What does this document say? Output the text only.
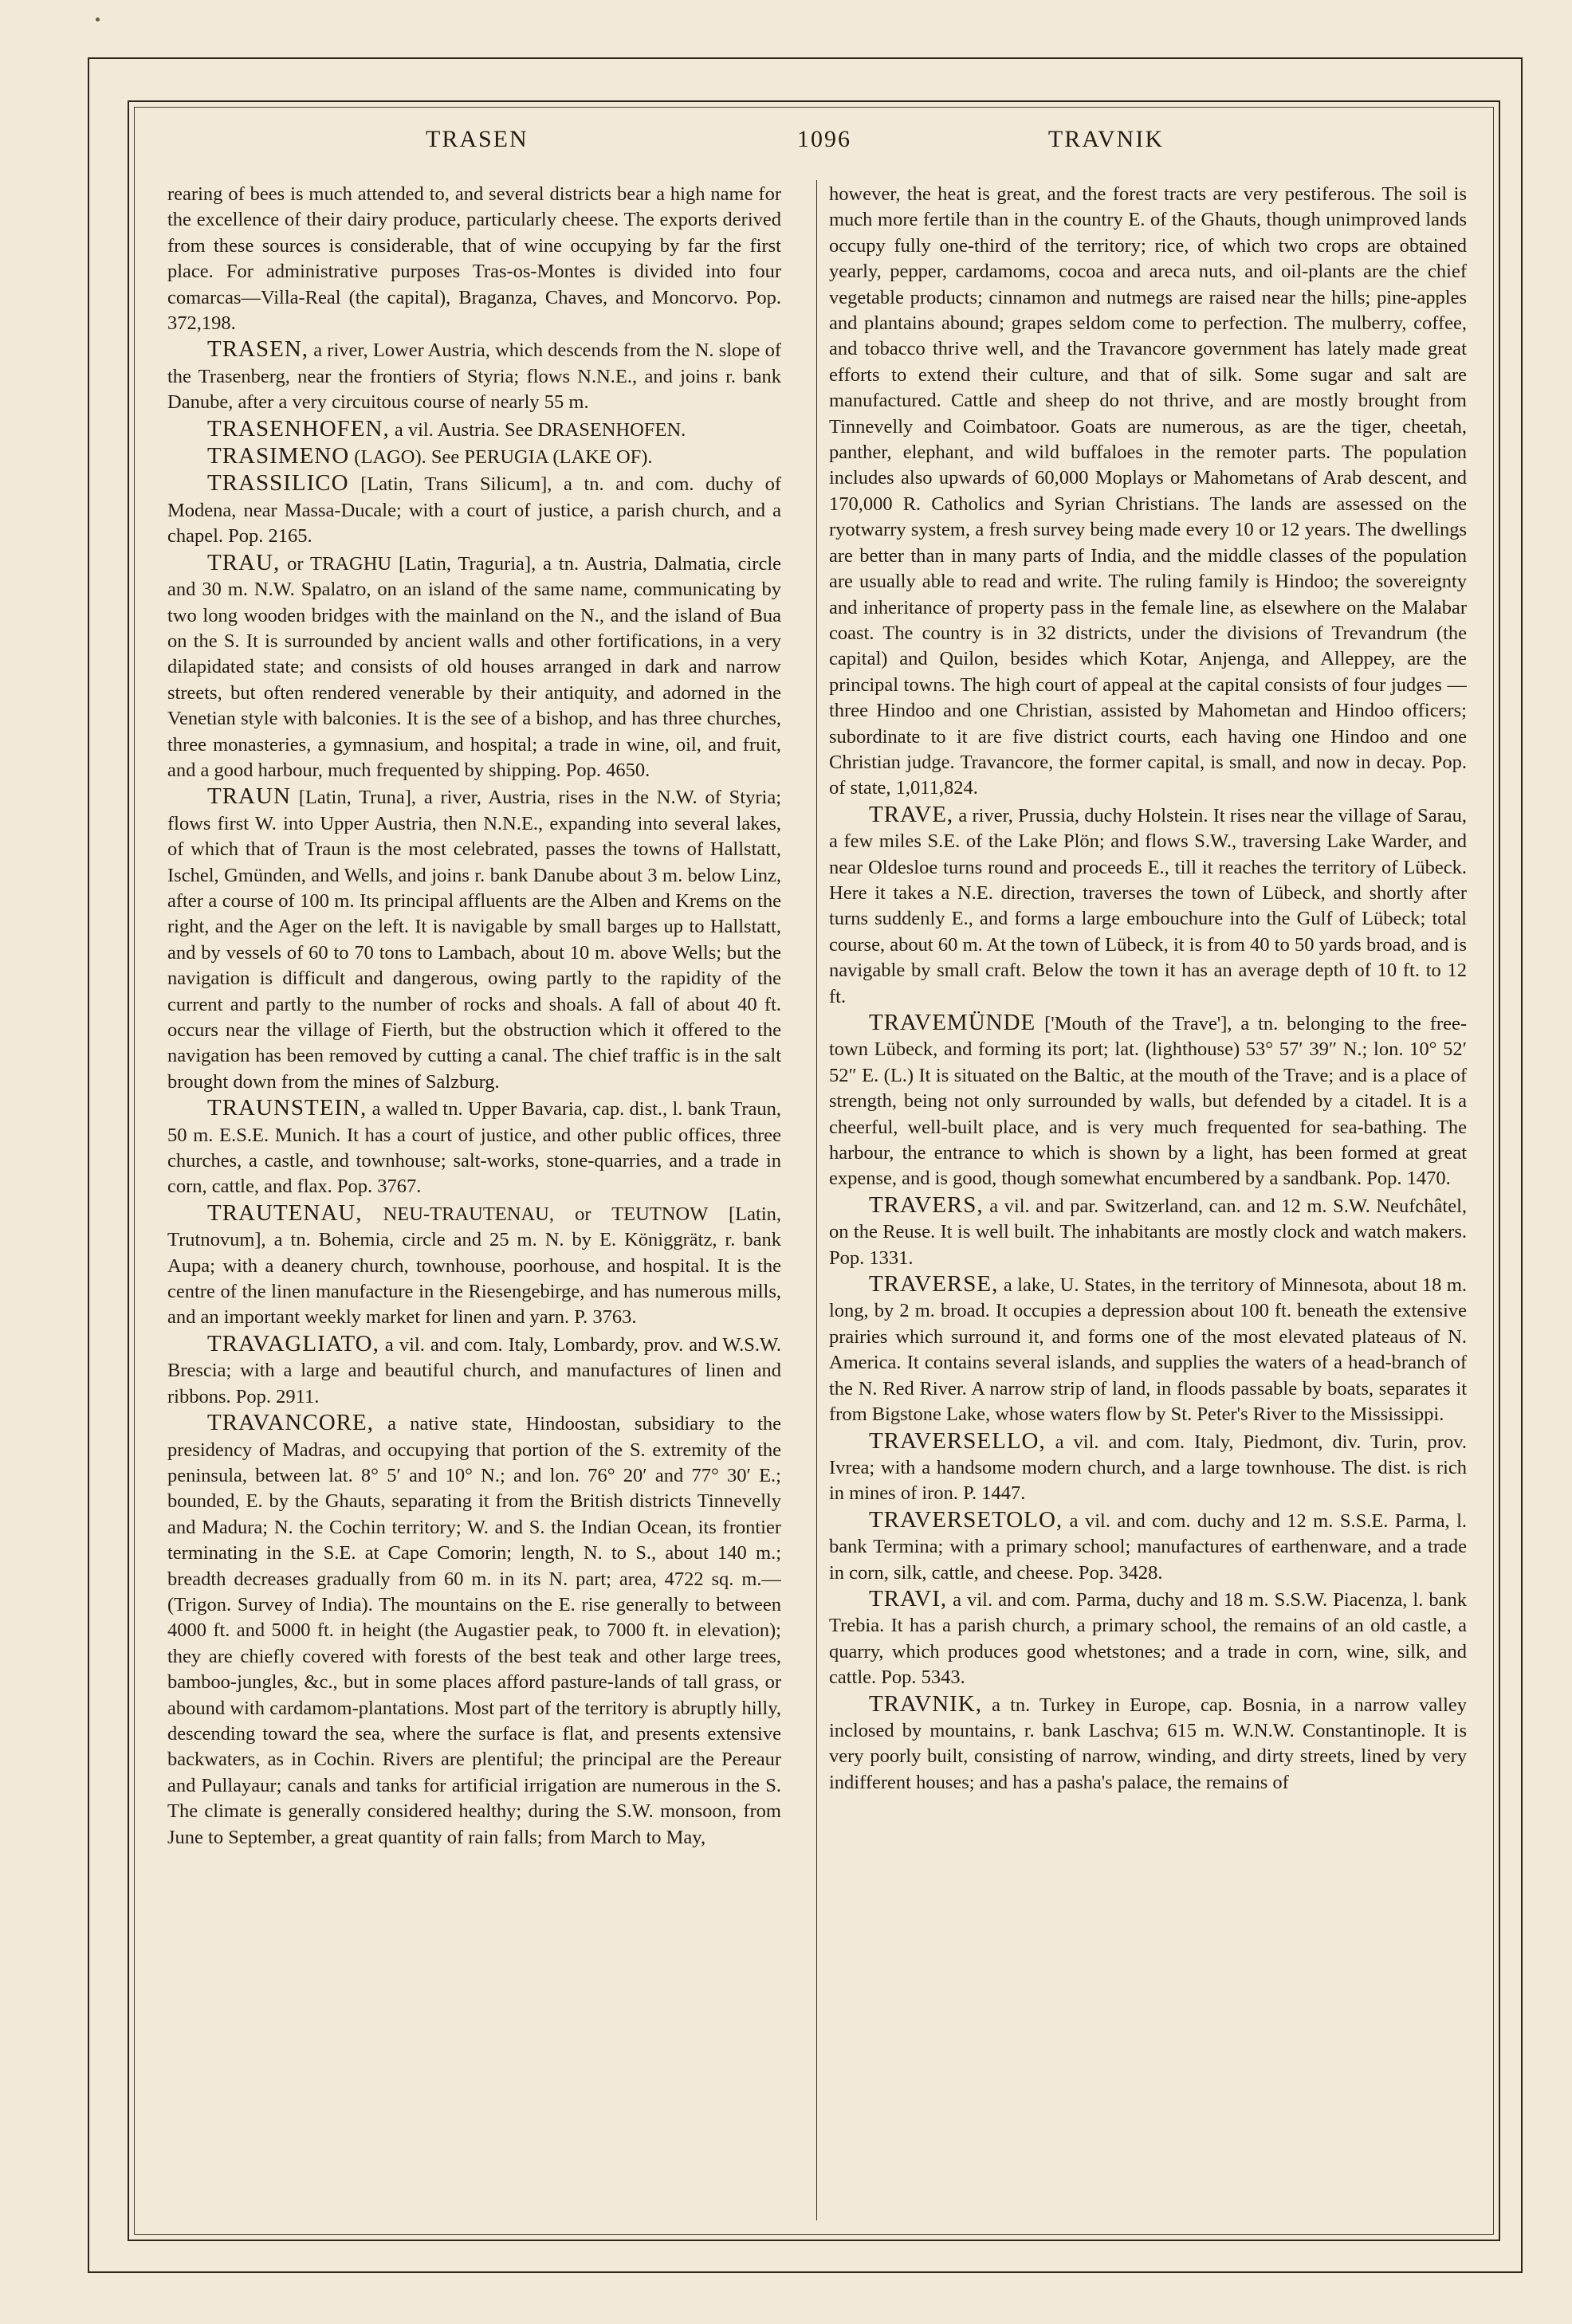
TRASEN	1096	TRAVNIK

rearing of bees is much attended to, and several districts bear a high name for the excellence of their dairy produce, particularly cheese. The exports derived from these sources is considerable, that of wine occupying by far the first place. For administrative purposes Tras-os-Montes is divided into four comarcas—Villa-Real (the capital), Braganza, Chaves, and Moncorvo. Pop. 372,198.

TRASEN, a river, Lower Austria, which descends from the N. slope of the Trasenberg, near the frontiers of Styria; flows N.N.E., and joins r. bank Danube, after a very circuitous course of nearly 55 m.

TRASENHOFEN, a vil. Austria. See DRASENHOFEN.

TRASIMENO (LAGO). See PERUGIA (LAKE OF).

TRASSILICO [Latin, Trans Silicum], a tn. and com. duchy of Modena, near Massa-Ducale; with a court of justice, a parish church, and a chapel. Pop. 2165.

TRAU, or TRAGHU [Latin, Traguria], a tn. Austria, Dalmatia, circle and 30 m. N.W. Spalatro, on an island of the same name, communicating by two long wooden bridges with the mainland on the N., and the island of Bua on the S. It is surrounded by ancient walls and other fortifications, in a very dilapidated state; and consists of old houses arranged in dark and narrow streets, but often rendered venerable by their antiquity, and adorned in the Venetian style with balconies. It is the see of a bishop, and has three churches, three monasteries, a gymnasium, and hospital; a trade in wine, oil, and fruit, and a good harbour, much frequented by shipping. Pop. 4650.

TRAUN [Latin, Truna], a river, Austria, rises in the N.W. of Styria; flows first W. into Upper Austria, then N.N.E., expanding into several lakes, of which that of Traun is the most celebrated, passes the towns of Hallstatt, Ischel, Gmünden, and Wells, and joins r. bank Danube about 3 m. below Linz, after a course of 100 m. Its principal affluents are the Alben and Krems on the right, and the Ager on the left. It is navigable by small barges up to Hallstatt, and by vessels of 60 to 70 tons to Lambach, about 10 m. above Wells; but the navigation is difficult and dangerous, owing partly to the rapidity of the current and partly to the number of rocks and shoals. A fall of about 40 ft. occurs near the village of Fierth, but the obstruction which it offered to the navigation has been removed by cutting a canal. The chief traffic is in the salt brought down from the mines of Salzburg.

TRAUNSTEIN, a walled tn. Upper Bavaria, cap. dist., l. bank Traun, 50 m. E.S.E. Munich. It has a court of justice, and other public offices, three churches, a castle, and townhouse; salt-works, stone-quarries, and a trade in corn, cattle, and flax. Pop. 3767.

TRAUTENAU, NEU-TRAUTENAU, or TEUTNOW [Latin, Trutnovum], a tn. Bohemia, circle and 25 m. N. by E. Königgrätz, r. bank Aupa; with a deanery church, townhouse, poorhouse, and hospital. It is the centre of the linen manufacture in the Riesengebirge, and has numerous mills, and an important weekly market for linen and yarn. P. 3763.

TRAVAGLIATO, a vil. and com. Italy, Lombardy, prov. and W.S.W. Brescia; with a large and beautiful church, and manufactures of linen and ribbons. Pop. 2911.

TRAVANCORE, a native state, Hindoostan, subsidiary to the presidency of Madras, and occupying that portion of the S. extremity of the peninsula, between lat. 8° 5′ and 10° N.; and lon. 76° 20′ and 77° 30′ E.; bounded, E. by the Ghauts, separating it from the British districts Tinnevelly and Madura; N. the Cochin territory; W. and S. the Indian Ocean, its frontier terminating in the S.E. at Cape Comorin; length, N. to S., about 140 m.; breadth decreases gradually from 60 m. in its N. part; area, 4722 sq. m.—(Trigon. Survey of India). The mountains on the E. rise generally to between 4000 ft. and 5000 ft. in height (the Augastier peak, to 7000 ft. in elevation); they are chiefly covered with forests of the best teak and other large trees, bamboo-jungles, &c., but in some places afford pasture-lands of tall grass, or abound with cardamom-plantations. Most part of the territory is abruptly hilly, descending toward the sea, where the surface is flat, and presents extensive backwaters, as in Cochin. Rivers are plentiful; the principal are the Pereaur and Pullayaur; canals and tanks for artificial irrigation are numerous in the S. The climate is generally considered healthy; during the S.W. monsoon, from June to September, a great quantity of rain falls; from March to May,

however, the heat is great, and the forest tracts are very pestiferous. The soil is much more fertile than in the country E. of the Ghauts, though unimproved lands occupy fully one-third of the territory; rice, of which two crops are obtained yearly, pepper, cardamoms, cocoa and areca nuts, and oil-plants are the chief vegetable products; cinnamon and nutmegs are raised near the hills; pine-apples and plantains abound; grapes seldom come to perfection. The mulberry, coffee, and tobacco thrive well, and the Travancore government has lately made great efforts to extend their culture, and that of silk. Some sugar and salt are manufactured. Cattle and sheep do not thrive, and are mostly brought from Tinnevelly and Coimbatoor. Goats are numerous, as are the tiger, cheetah, panther, elephant, and wild buffaloes in the remoter parts. The population includes also upwards of 60,000 Moplays or Mahometans of Arab descent, and 170,000 R. Catholics and Syrian Christians. The lands are assessed on the ryotwarry system, a fresh survey being made every 10 or 12 years. The dwellings are better than in many parts of India, and the middle classes of the population are usually able to read and write. The ruling family is Hindoo; the sovereignty and inheritance of property pass in the female line, as elsewhere on the Malabar coast. The country is in 32 districts, under the divisions of Trevandrum (the capital) and Quilon, besides which Kotar, Anjenga, and Alleppey, are the principal towns. The high court of appeal at the capital consists of four judges —three Hindoo and one Christian, assisted by Mahometan and Hindoo officers; subordinate to it are five district courts, each having one Hindoo and one Christian judge. Travancore, the former capital, is small, and now in decay. Pop. of state, 1,011,824.

TRAVE, a river, Prussia, duchy Holstein. It rises near the village of Sarau, a few miles S.E. of the Lake Plön; and flows S.W., traversing Lake Warder, and near Oldesloe turns round and proceeds E., till it reaches the territory of Lübeck. Here it takes a N.E. direction, traverses the town of Lübeck, and shortly after turns suddenly E., and forms a large embouchure into the Gulf of Lübeck; total course, about 60 m. At the town of Lübeck, it is from 40 to 50 yards broad, and is navigable by small craft. Below the town it has an average depth of 10 ft. to 12 ft.

TRAVEMÜNDE ['Mouth of the Trave'], a tn. belonging to the free-town Lübeck, and forming its port; lat. (lighthouse) 53° 57′ 39″ N.; lon. 10° 52′ 52″ E. (L.) It is situated on the Baltic, at the mouth of the Trave; and is a place of strength, being not only surrounded by walls, but defended by a citadel. It is a cheerful, well-built place, and is very much frequented for sea-bathing. The harbour, the entrance to which is shown by a light, has been formed at great expense, and is good, though somewhat encumbered by a sandbank. Pop. 1470.

TRAVERS, a vil. and par. Switzerland, can. and 12 m. S.W. Neufchâtel, on the Reuse. It is well built. The inhabitants are mostly clock and watch makers. Pop. 1331.

TRAVERSE, a lake, U. States, in the territory of Minnesota, about 18 m. long, by 2 m. broad. It occupies a depression about 100 ft. beneath the extensive prairies which surround it, and forms one of the most elevated plateaus of N. America. It contains several islands, and supplies the waters of a head-branch of the N. Red River. A narrow strip of land, in floods passable by boats, separates it from Bigstone Lake, whose waters flow by St. Peter's River to the Mississippi.

TRAVERSELLO, a vil. and com. Italy, Piedmont, div. Turin, prov. Ivrea; with a handsome modern church, and a large townhouse. The dist. is rich in mines of iron. P. 1447.

TRAVERSETOLO, a vil. and com. duchy and 12 m. S.S.E. Parma, l. bank Termina; with a primary school; manufactures of earthenware, and a trade in corn, silk, cattle, and cheese. Pop. 3428.

TRAVI, a vil. and com. Parma, duchy and 18 m. S.S.W. Piacenza, l. bank Trebia. It has a parish church, a primary school, the remains of an old castle, a quarry, which produces good whetstones; and a trade in corn, wine, silk, and cattle. Pop. 5343.

TRAVNIK, a tn. Turkey in Europe, cap. Bosnia, in a narrow valley inclosed by mountains, r. bank Laschva; 615 m. W.N.W. Constantinople. It is very poorly built, consisting of narrow, winding, and dirty streets, lined by very indifferent houses; and has a pasha's palace, the remains of
